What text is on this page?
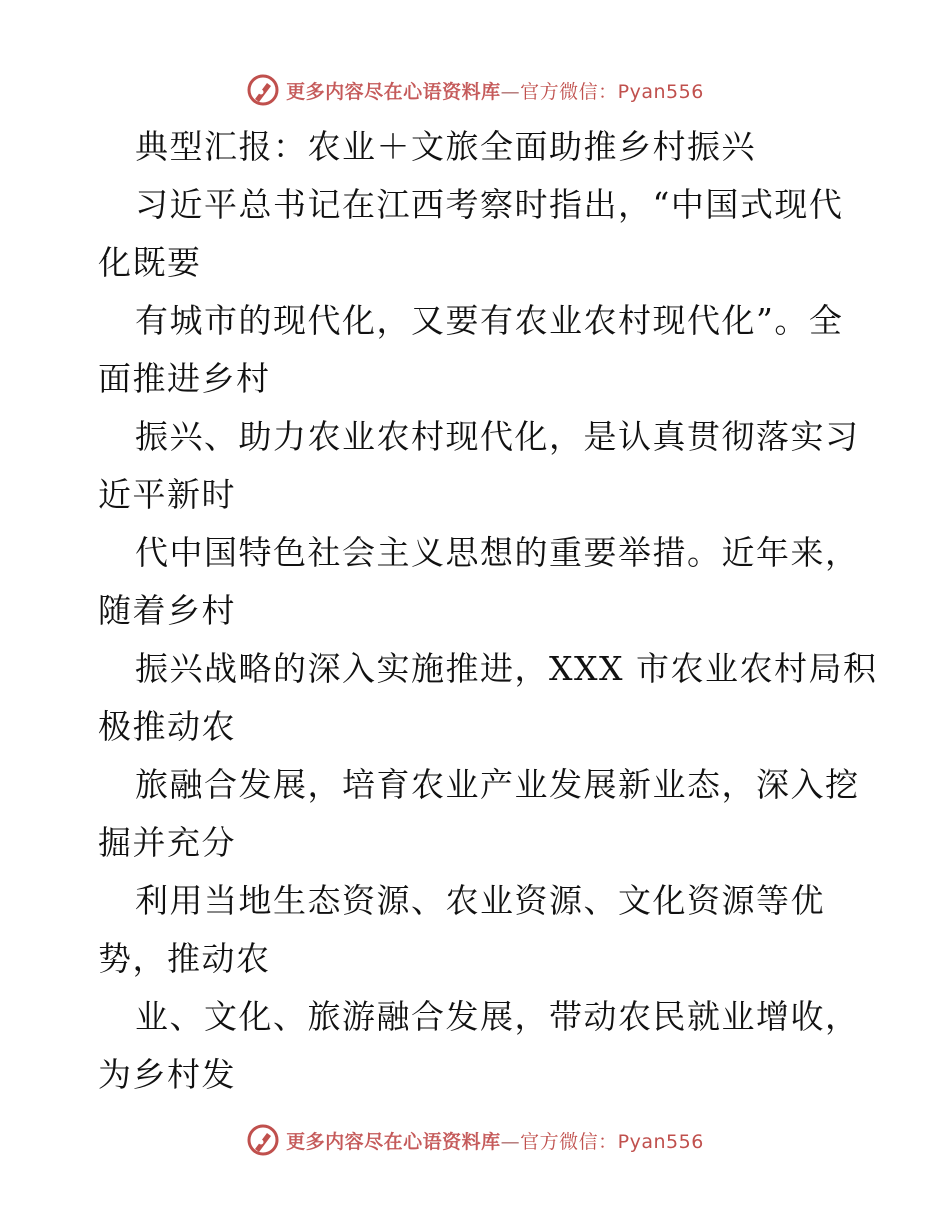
更多内容尽在心语资料库—官方微信：Pyan556
典型汇报：农业＋文旅全面助推乡村振兴
习近平总书记在江西考察时指出，“中国式现代
化既要
有城市的现代化，又要有农业农村现代化”。全
面推进乡村
振兴、助力农业农村现代化，是认真贯彻落实习
近平新时
代中国特色社会主义思想的重要举措。近年来，
随着乡村
振兴战略的深入实施推进，XXX 市农业农村局积
极推动农
旅融合发展，培育农业产业发展新业态，深入挖
掘并充分
利用当地生态资源、农业资源、文化资源等优
势，推动农
业、文化、旅游融合发展，带动农民就业增收，
为乡村发
更多内容尽在心语资料库—官方微信：Pyan556
